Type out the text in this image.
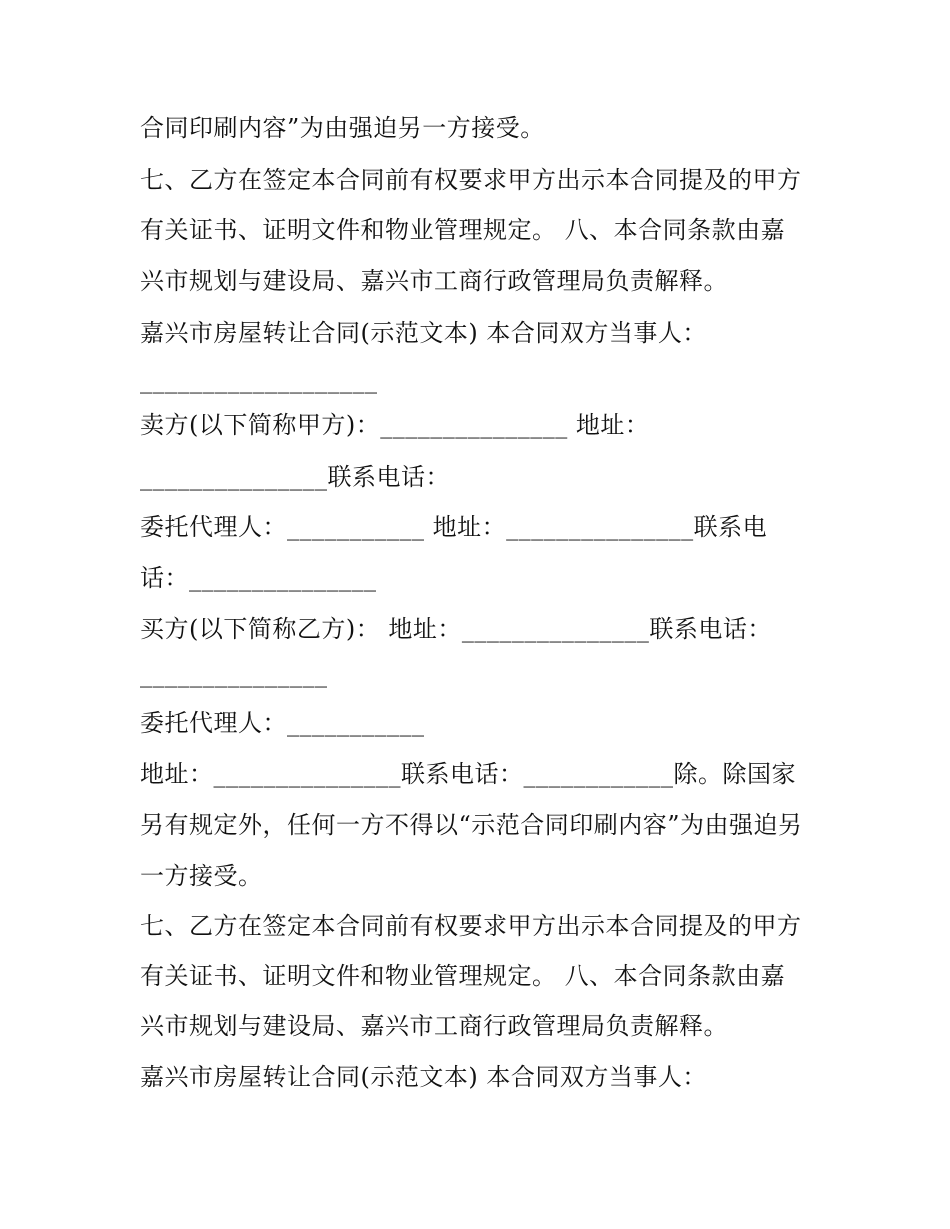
合同印刷内容”为由强迫另一方接受。
七、乙方在签定本合同前有权要求甲方出示本合同提及的甲方
有关证书、证明文件和物业管理规定。 八、本合同条款由嘉
兴市规划与建设局、嘉兴市工商行政管理局负责解释。
嘉兴市房屋转让合同(示范文本) 本合同双方当事人：
___________________
卖方(以下简称甲方)：_______________ 地址：
_______________联系电话：
委托代理人：___________ 地址：_______________联系电
话：_______________
买方(以下简称乙方)： 地址：_______________联系电话：
_______________
委托代理人：___________
地址：_______________联系电话：____________除。除国家
另有规定外，任何一方不得以“示范合同印刷内容”为由强迫另
一方接受。
七、乙方在签定本合同前有权要求甲方出示本合同提及的甲方
有关证书、证明文件和物业管理规定。 八、本合同条款由嘉
兴市规划与建设局、嘉兴市工商行政管理局负责解释。
嘉兴市房屋转让合同(示范文本) 本合同双方当事人：
